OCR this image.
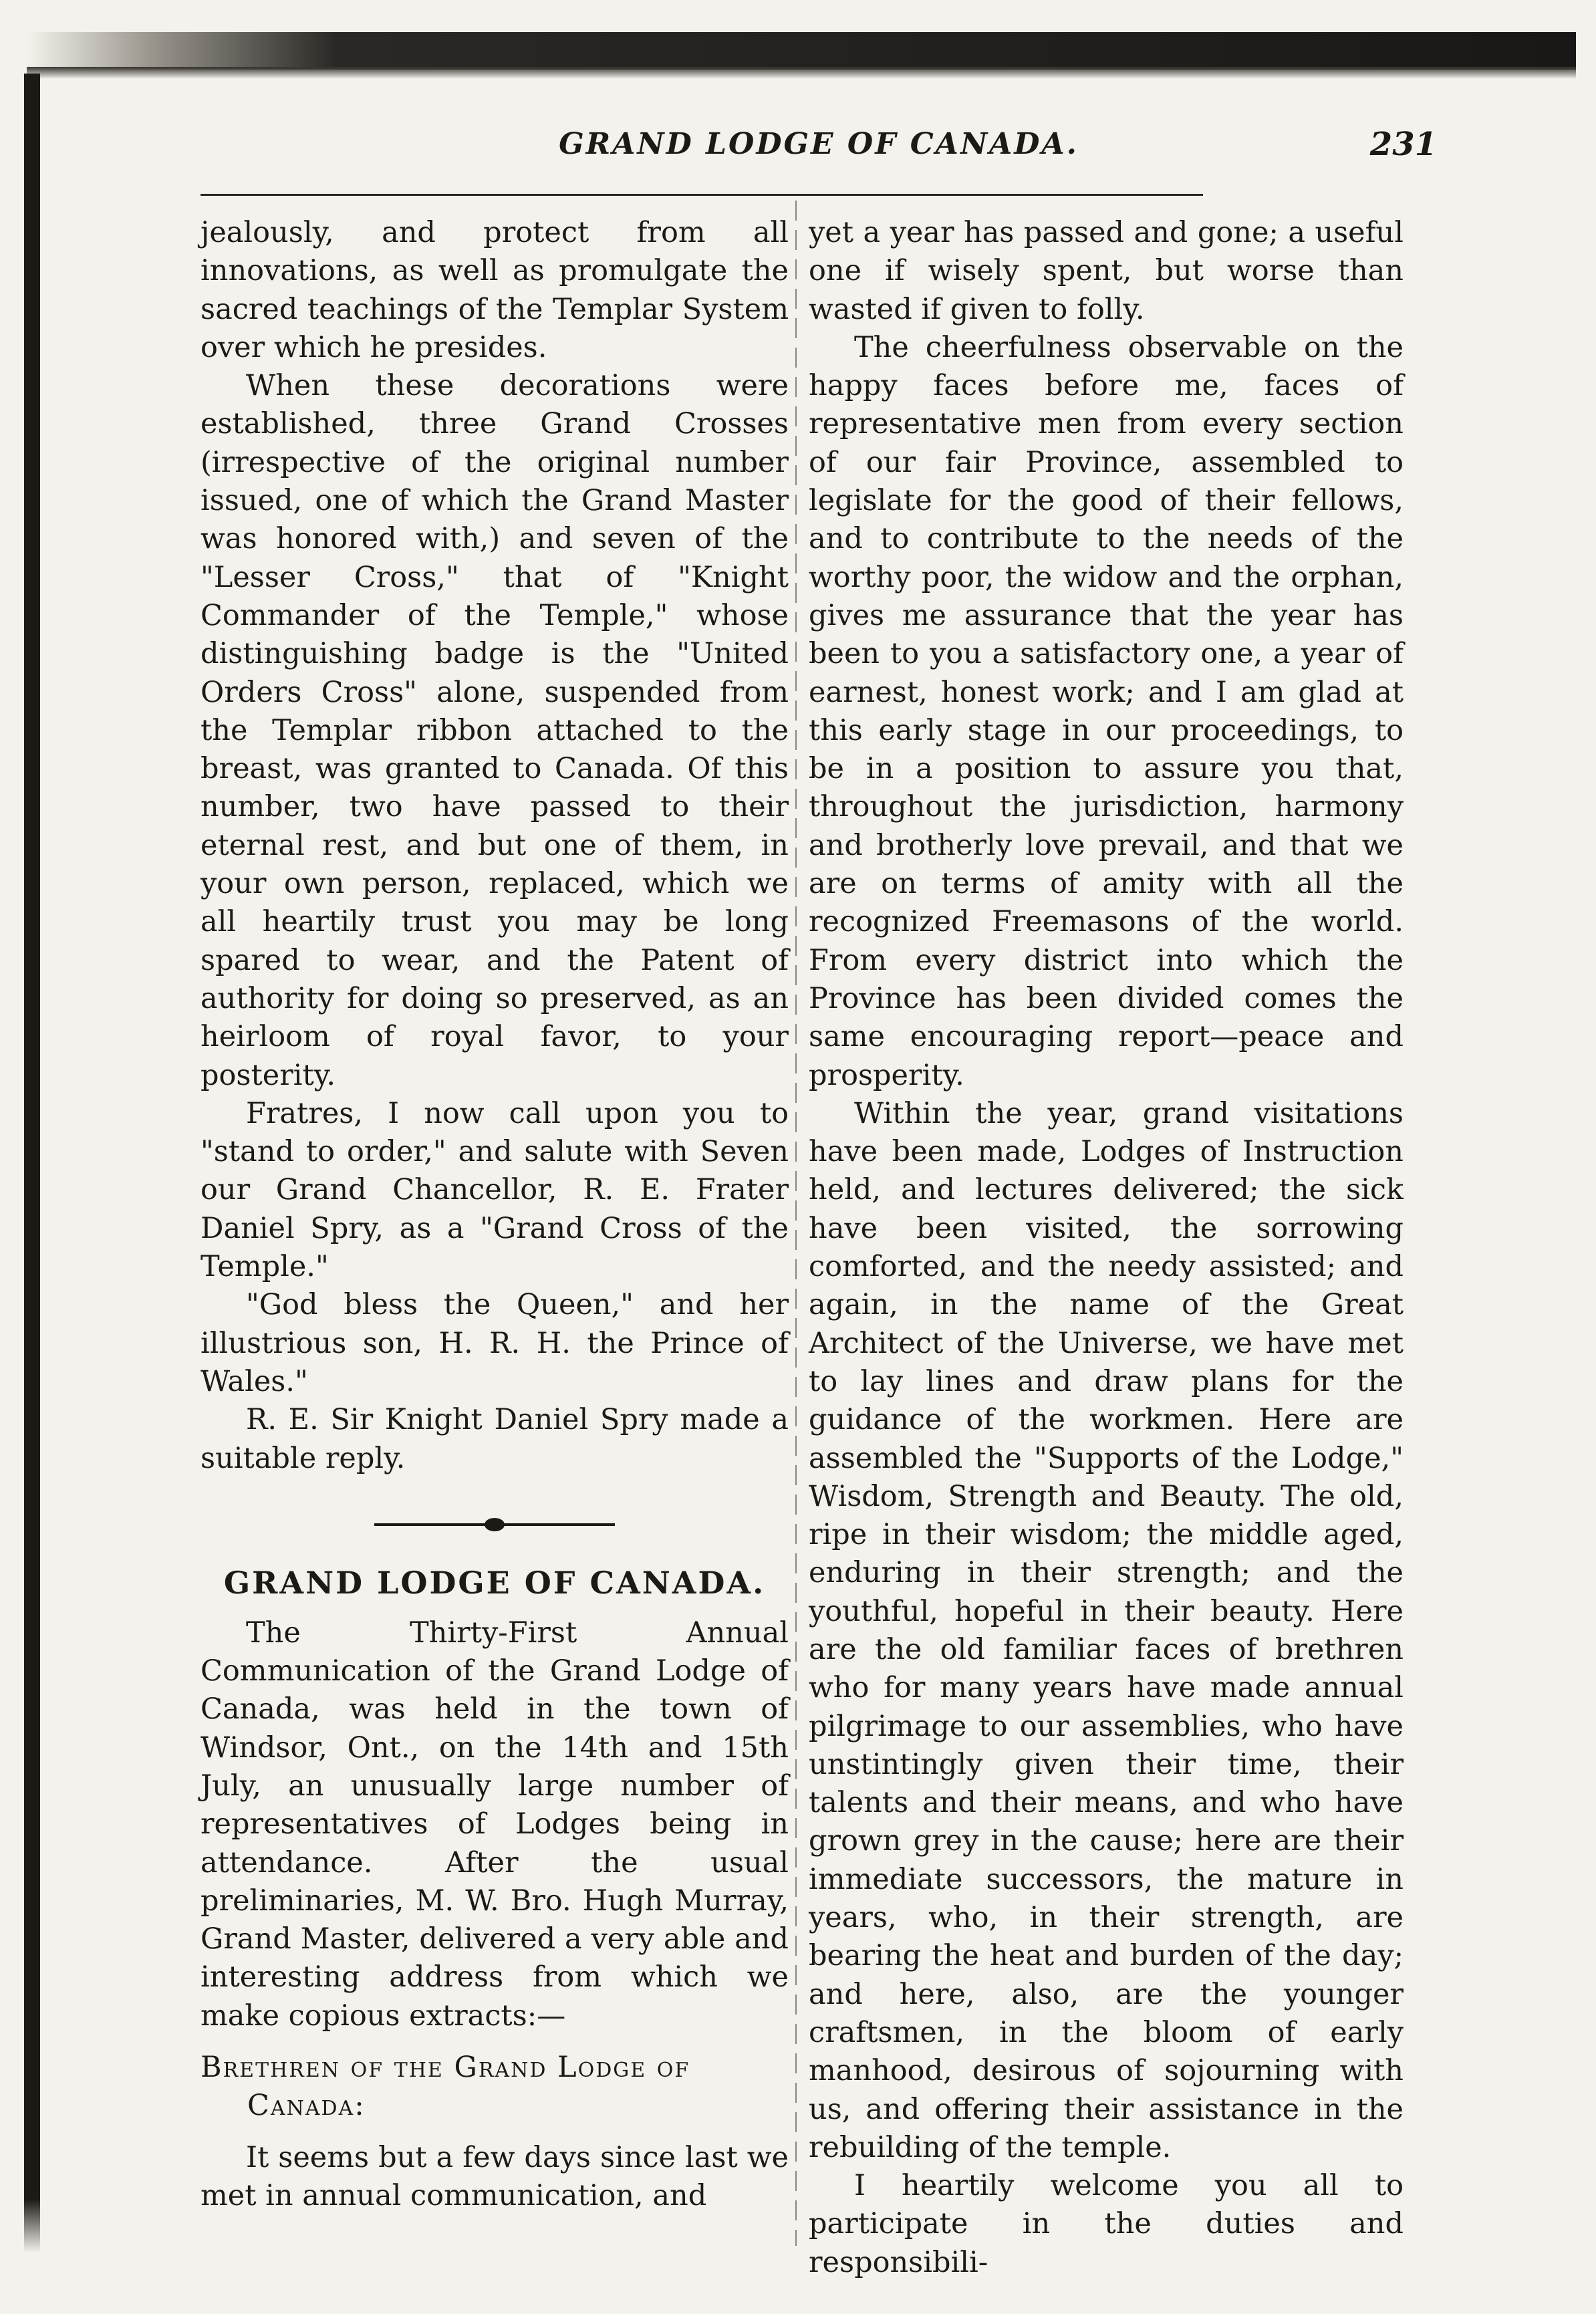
GRAND LODGE OF CANADA.	231

jealously, and protect from all innovations, as well as promulgate the sacred teachings of the Templar System over which he presides.

When these decorations were established, three Grand Crosses (irrespective of the original number issued, one of which the Grand Master was honored with,) and seven of the "Lesser Cross," that of "Knight Commander of the Temple," whose distinguishing badge is the "United Orders Cross" alone, suspended from the Templar ribbon attached to the breast, was granted to Canada. Of this number, two have passed to their eternal rest, and but one of them, in your own person, replaced, which we all heartily trust you may be long spared to wear, and the Patent of authority for doing so preserved, as an heirloom of royal favor, to your posterity.

Fratres, I now call upon you to "stand to order," and salute with Seven our Grand Chancellor, R. E. Frater Daniel Spry, as a "Grand Cross of the Temple."

"God bless the Queen," and her illustrious son, H. R. H. the Prince of Wales."

R. E. Sir Knight Daniel Spry made a suitable reply.

GRAND LODGE OF CANADA.

The Thirty-First Annual Communication of the Grand Lodge of Canada, was held in the town of Windsor, Ont., on the 14th and 15th July, an unusually large number of representatives of Lodges being in attendance. After the usual preliminaries, M. W. Bro. Hugh Murray, Grand Master, delivered a very able and interesting address from which we make copious extracts:—

Brethren of the Grand Lodge of
Canada:

It seems but a few days since last we met in annual communication, and

yet a year has passed and gone; a useful one if wisely spent, but worse than wasted if given to folly.

The cheerfulness observable on the happy faces before me, faces of representative men from every section of our fair Province, assembled to legislate for the good of their fellows, and to contribute to the needs of the worthy poor, the widow and the orphan, gives me assurance that the year has been to you a satisfactory one, a year of earnest, honest work; and I am glad at this early stage in our proceedings, to be in a position to assure you that, throughout the jurisdiction, harmony and brotherly love prevail, and that we are on terms of amity with all the recognized Freemasons of the world. From every district into which the Province has been divided comes the same encouraging report—peace and prosperity.

Within the year, grand visitations have been made, Lodges of Instruction held, and lectures delivered; the sick have been visited, the sorrowing comforted, and the needy assisted; and again, in the name of the Great Architect of the Universe, we have met to lay lines and draw plans for the guidance of the workmen. Here are assembled the "Supports of the Lodge," Wisdom, Strength and Beauty. The old, ripe in their wisdom; the middle aged, enduring in their strength; and the youthful, hopeful in their beauty. Here are the old familiar faces of brethren who for many years have made annual pilgrimage to our assemblies, who have unstintingly given their time, their talents and their means, and who have grown grey in the cause; here are their immediate successors, the mature in years, who, in their strength, are bearing the heat and burden of the day; and here, also, are the younger craftsmen, in the bloom of early manhood, desirous of sojourning with us, and offering their assistance in the rebuilding of the temple.

I heartily welcome you all to participate in the duties and responsibili-
